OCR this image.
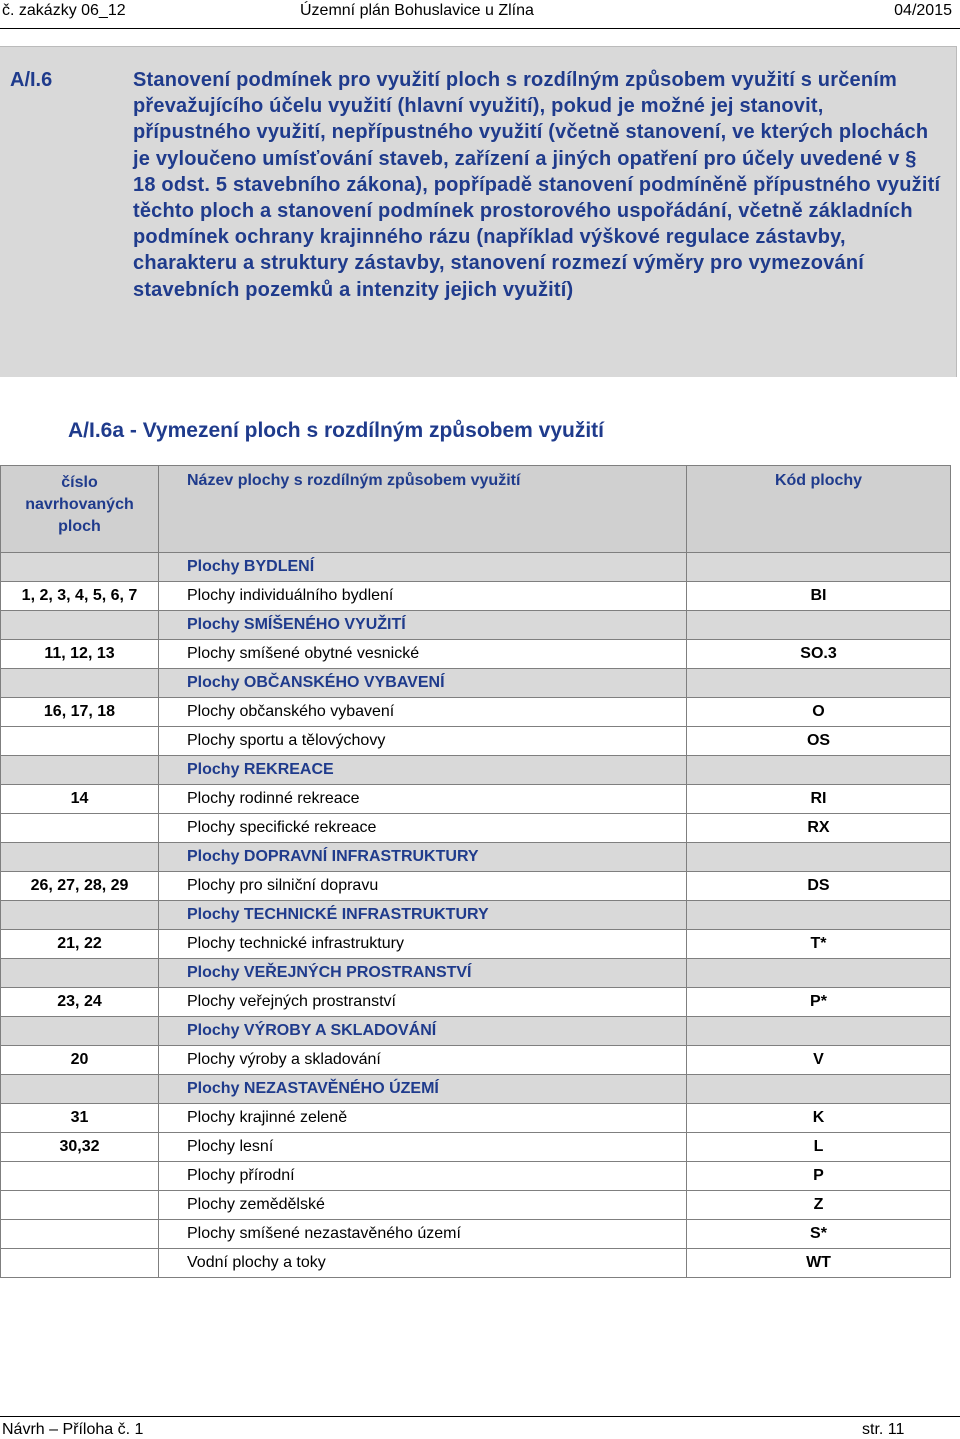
č. zakázky 06_12	Územní plán Bohuslavice u Zlína	04/2015
A/I.6	Stanovení podmínek pro využití ploch s rozdílným způsobem využití s určením převažujícího účelu využití (hlavní využití), pokud je možné jej stanovit, přípustného využití, nepřípustného využití (včetně stanovení, ve kterých plochách je vyloučeno umísťování staveb, zařízení a jiných opatření pro účely uvedené v § 18 odst. 5 stavebního zákona), popřípadě stanovení podmíněně přípustného využití těchto ploch a stanovení podmínek prostorového uspořádání, včetně základních podmínek ochrany krajinného rázu (například výškové regulace zástavby, charakteru a struktury zástavby, stanovení rozmezí výměry pro vymezování stavebních pozemků a intenzity jejich využití)
A/I.6a - Vymezení ploch s rozdílným způsobem využití
číslo navrhovaných ploch	Název plochy s rozdílným způsobem využití	Kód plochy
	Plochy BYDLENÍ	
1, 2, 3, 4, 5, 6, 7	Plochy individuálního bydlení	BI
	Plochy SMÍŠENÉHO VYUŽITÍ	
11, 12, 13	Plochy smíšené obytné vesnické	SO.3
	Plochy OBČANSKÉHO VYBAVENÍ	
16, 17, 18	Plochy občanského vybavení	O
	Plochy sportu a tělovýchovy	OS
	Plochy REKREACE	
14	Plochy rodinné rekreace	RI
	Plochy specifické rekreace	RX
	Plochy DOPRAVNÍ INFRASTRUKTURY	
26, 27, 28, 29	Plochy pro silniční dopravu	DS
	Plochy TECHNICKÉ INFRASTRUKTURY	
21, 22	Plochy technické infrastruktury	T*
	Plochy VEŘEJNÝCH PROSTRANSTVÍ	
23, 24	Plochy veřejných prostranství	P*
	Plochy VÝROBY A SKLADOVÁNÍ	
20	Plochy výroby a skladování	V
	Plochy NEZASTAVĚNÉHO ÚZEMÍ	
31	Plochy krajinné zeleně	K
30,32	Plochy lesní	L
	Plochy přírodní	P
	Plochy zemědělské	Z
	Plochy smíšené nezastavěného území	S*
	Vodní plochy a toky	WT
Návrh – Příloha č. 1	str. 11
